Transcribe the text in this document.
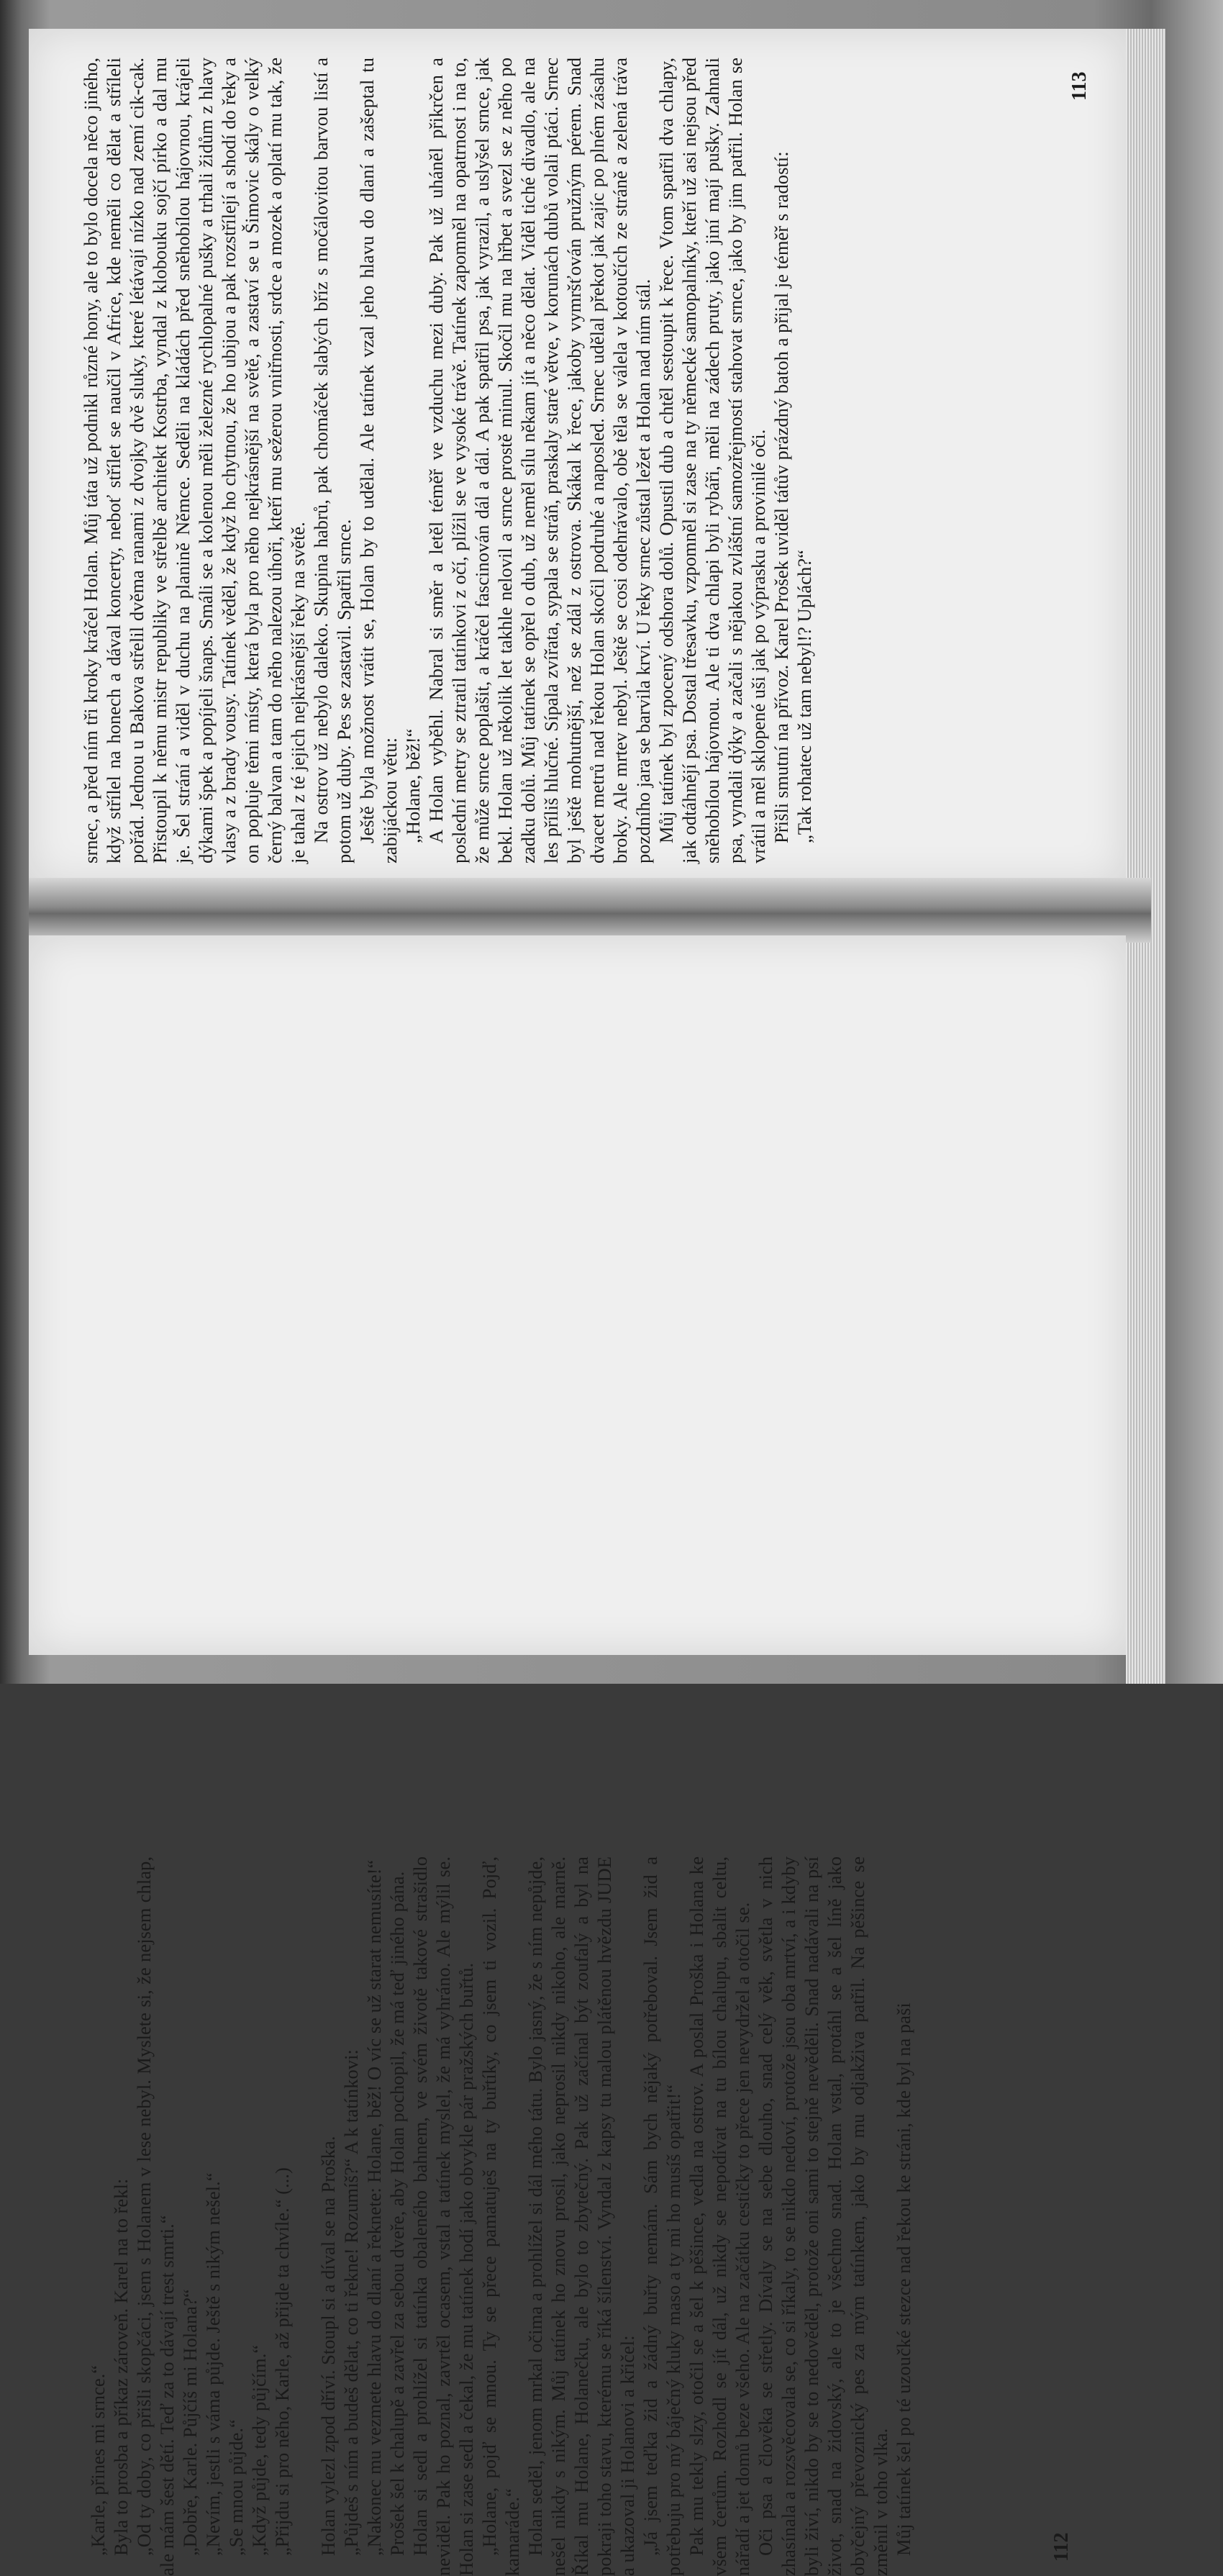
srnec, a před ním tři kroky kráčel Holan. Můj táta už podnikl různé hony, ale to bylo docela něco jiného, když střílel na honech a dával koncerty, neboť střílet se naučil v Africe, kde neměli co dělat a stříleli pořád. Jednou u Bakova střelil dvěma ranami z dvojky dvě sluky, které létávají nízko nad zemí cik-cak. Přistoupil k němu mistr republiky ve střelbě architekt Kostrba, vyndal z klobouku sojčí pírko a dal mu je. Šel strání a viděl v duchu na planině Němce. Seděli na kládách před sněhobílou hájovnou, krájeli dýkami špek a popíjeli šnaps. Smáli se a kolenou měli železné rychlopalné pušky a trhali židům z hlavy vlasy a z brady vousy. Tatínek věděl, že když ho chytnou, že ho ubijou a pak rozstřílejí a shodí do řeky a on popluje těmi místy, která byla pro něho nejkrásnější na světě, a zastaví se u Šimovic skály o velký černý balvan a tam do něho nalezou úhoři, kteří mu sežerou vnitřnosti, srdce a mozek a oplatí mu tak, že je tahal z té jejich nejkrásnější řeky na světě. Na ostrov už nebylo daleko. Skupina habrů, pak chomáček slabých bříz s močálovitou barvou listí a potom už duby. Pes se zastavil. Spatřil srnce. Ještě byla možnost vrátit se, Holan by to udělal. Ale tatínek vzal jeho hlavu do dlaní a zašeptal tu zabijáckou větu: „Holane, běž!“ A Holan vyběhl. Nabral si směr a letěl téměř ve vzduchu mezi duby. Pak už uháněl přikrčen a poslední metry se ztratil tatínkovi z očí, plížil se ve vysoké trávě. Tatínek zapomněl na opatrnost i na to, že může srnce poplašit, a kráčel fascinován dál a dál. A pak spatřil psa, jak vyrazil, a uslyšel srnce, jak bekl. Holan už několik let takhle nelovil a srnce prostě minul. Skočil mu na hřbet a svezl se z něho po zadku dolů. Můj tatínek se opřel o dub, už neměl sílu někam jít a něco dělat. Viděl tiché divadlo, ale na les příliš hlučné. Sípala zvířata, sypala se stráň, praskaly staré větve, v korunách dubů volali ptáci. Srnec byl ještě mohutnější, než se zdál z ostrova. Skákal k řece, jakoby vymršťován pružným pérem. Snad dvacet metrů nad řekou Holan skočil podruhé a naposled. Srnec udělal překot jak zajíc po plném zásahu broky. Ale mrtev nebyl. Ještě se cosi odehrávalo, obě těla se válela v kotoučích ze stráně a zelená tráva pozdního jara se barvila krví. U řeky srnec zůstal ležet a Holan nad ním stál. Můj tatínek byl zpocený odshora dolů. Opustil dub a chtěl sestoupit k řece. Vtom spatřil dva chlapy, jak odtáhnějí psa. Dostal třesavku, vzpomněl si zase na ty německé samopalníky, kteří už asi nejsou před sněhobílou hájovnou. Ale ti dva chlapi byli rybáři, měli na zádech pruty, jako jiní mají pušky. Zahnali psa, vyndali dýky a začali s nějakou zvláštní samozřejmostí stahovat srnce, jako by jim patřil. Holan se vrátil a měl sklopené uši jak po výprasku a provinilé oči. Přišli smutní na přívoz. Karel Prošek uviděl tátův prázdný batoh a přijal je téměř s radostí: „Tak rohatec už tam nebyl!? Uplách?“

113

„Karle, přines mi srnce.“ Byla to prosba a příkaz zároveň. Karel na to řekl: „Od ty doby, co přišli skopčáci, jsem s Holanem v lese nebyl. Myslete si, že nejsem chlap, ale mám šest dětí. Teď za to dávají trest smrti.“ „Dobře, Karle. Půjčíš mi Holana?“ „Nevím, jestli s váma půjde. Ještě s nikým nešel.“ „Se mnou půjde.“ „Když půjde, tedy půjčím.“ „Přijdu si pro něho, Karle, až přijde ta chvíle.“ (...) Holan vylezl zpod dříví. Stoupl si a díval se na Proška. „Půjdeš s ním a budeš dělat, co ti řekne! Rozumíš?“ A k tatínkovi: „Nakonec mu vezmete hlavu do dlaní a řeknete: Holane, běž! O víc se už starat nemusíte!“ Prošek šel k chalupě a zavřel za sebou dveře, aby Holan pochopil, že má teď jiného pána. Holan si sedl a prohlížel si tatínka obaleného bahnem, ve svém životě takové strašidlo neviděl. Pak ho poznal, zavrtěl ocasem, vstal a tatínek myslel, že má vyhráno. Ale mýlil se. Holan si zase sedl a čekal, že mu tatínek hodí jako obvykle pár pražských buřtů. „Holane, pojď se mnou. Ty se přece pamatuješ na ty buřtíky, co jsem ti vozil. Pojď, kamaráde.“ Holan seděl, jenom mrkal očima a prohlížel si dál mého tátu. Bylo jasný, že s ním nepůjde, nešel nikdy s nikým. Můj tatínek ho znovu prosil, jako neprosil nikdy nikoho, ale marně. Říkal mu Holane, Holanečku, ale bylo to zbytečný. Pak už začínal být zoufalý a byl na pokraji toho stavu, kterému se říká šílenství. Vyndal z kapsy tu malou plátěnou hvězdu JUDE a ukazoval ji Holanovi a křičel: „Já jsem teďka žid a žádný buřty nemám. Sám bych nějaký potřeboval. Jsem žid a potřebuju pro mý báječný kluky maso a ty mi ho musíš opatřit!“ Pak mu tekly slzy, otočil se a šel k pěšince, vedla na ostrov. A poslal Proška i Holana ke všem čertům. Rozhodl se jít dál, už nikdy se nepodívat na tu bílou chalupu, sbalit celtu, nářadí a jet domů beze všeho. Ale na začátku cestičky to přece jen nevydržel a otočil se. Oči psa a člověka se střetly. Dívaly se na sebe dlouho, snad celý věk, světla v nich zhasínala a rozsvěcovala se, co si říkaly, to se nikdo nedoví, protože jsou oba mrtví, a i kdyby byli živí, nikdo by se to nedověděl, protože oni sami to stejně nevěděli. Snad nadávali na psí život, snad na židovský, ale to je všechno snad. Holan vstal, protáhl se a šel líně jako obyčejný převoznický pes za mým tatínkem, jako by mu odjakživa patřil. Na pěšince se změnil v toho vlka. Můj tatínek šel po té uzoučké stezce nad řekou ke stráni, kde byl na paši	112
